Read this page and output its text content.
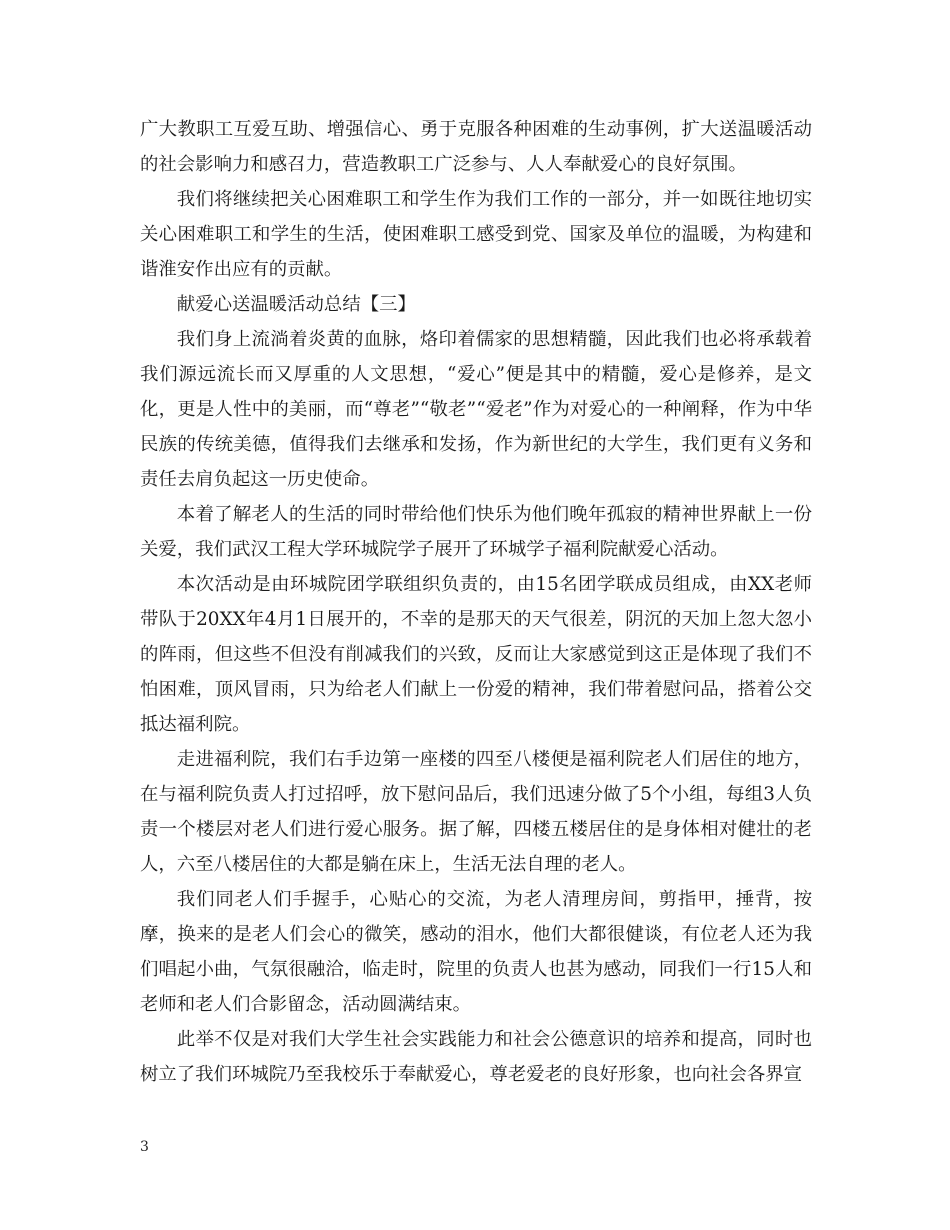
广大教职工互爱互助、增强信心、勇于克服各种困难的生动事例，扩大送温暖活动的社会影响力和感召力，营造教职工广泛参与、人人奉献爱心的良好氛围。

我们将继续把关心困难职工和学生作为我们工作的一部分，并一如既往地切实关心困难职工和学生的生活，使困难职工感受到党、国家及单位的温暖，为构建和谐淮安作出应有的贡献。

献爱心送温暖活动总结【三】

我们身上流淌着炎黄的血脉，烙印着儒家的思想精髓，因此我们也必将承载着我们源远流长而又厚重的人文思想，“爱心”便是其中的精髓，爱心是修养，是文化，更是人性中的美丽，而“尊老”“敬老”“爱老”作为对爱心的一种阐释，作为中华民族的传统美德，值得我们去继承和发扬，作为新世纪的大学生，我们更有义务和责任去肩负起这一历史使命。

本着了解老人的生活的同时带给他们快乐为他们晚年孤寂的精神世界献上一份关爱，我们武汉工程大学环城院学子展开了环城学子福利院献爱心活动。

本次活动是由环城院团学联组织负责的，由15名团学联成员组成，由XX老师带队于20XX年4月1日展开的，不幸的是那天的天气很差，阴沉的天加上忽大忽小的阵雨，但这些不但没有削减我们的兴致，反而让大家感觉到这正是体现了我们不怕困难，顶风冒雨，只为给老人们献上一份爱的精神，我们带着慰问品，搭着公交抵达福利院。

走进福利院，我们右手边第一座楼的四至八楼便是福利院老人们居住的地方，在与福利院负责人打过招呼，放下慰问品后，我们迅速分做了5个小组，每组3人负责一个楼层对老人们进行爱心服务。据了解，四楼五楼居住的是身体相对健壮的老人，六至八楼居住的大都是躺在床上，生活无法自理的老人。

我们同老人们手握手，心贴心的交流，为老人清理房间，剪指甲，捶背，按摩，换来的是老人们会心的微笑，感动的泪水，他们大都很健谈，有位老人还为我们唱起小曲，气氛很融洽，临走时，院里的负责人也甚为感动，同我们一行15人和老师和老人们合影留念，活动圆满结束。

此举不仅是对我们大学生社会实践能力和社会公德意识的培养和提高，同时也树立了我们环城院乃至我校乐于奉献爱心，尊老爱老的良好形象，也向社会各界宣

3
